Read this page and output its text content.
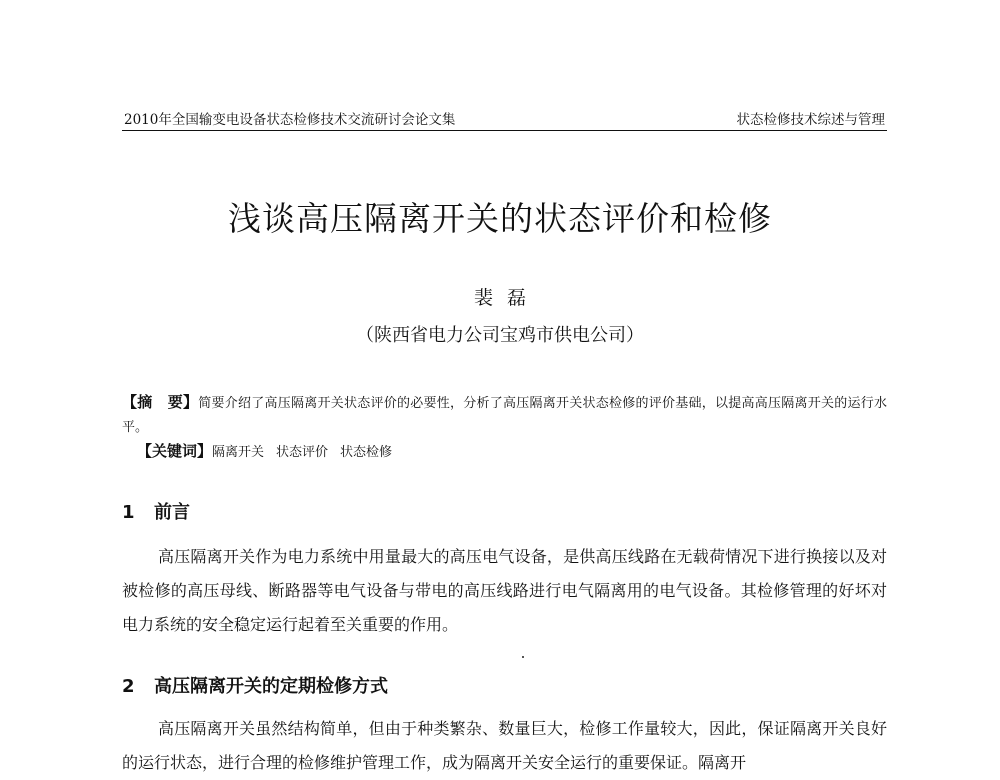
2010年全国输变电设备状态检修技术交流研讨会论文集	状态检修技术综述与管理
浅谈高压隔离开关的状态评价和检修
裴磊
（陕西省电力公司宝鸡市供电公司）
【摘　要】简要介绍了高压隔离开关状态评价的必要性，分析了高压隔离开关状态检修的评价基础，以提高高压隔离开关的运行水平。
【关键词】隔离开关 状态评价 状态检修
1 前言

高压隔离开关作为电力系统中用量最大的高压电气设备，是供高压线路在无载荷情况下进行换接以及对被检修的高压母线、断路器等电气设备与带电的高压线路进行电气隔离用的电气设备。其检修管理的好坏对电力系统的安全稳定运行起着至关重要的作用。

2 高压隔离开关的定期检修方式

高压隔离开关虽然结构简单，但由于种类繁杂、数量巨大，检修工作量较大，因此，保证隔离开关良好的运行状态，进行合理的检修维护管理工作，成为隔离开关安全运行的重要保证。隔离开
